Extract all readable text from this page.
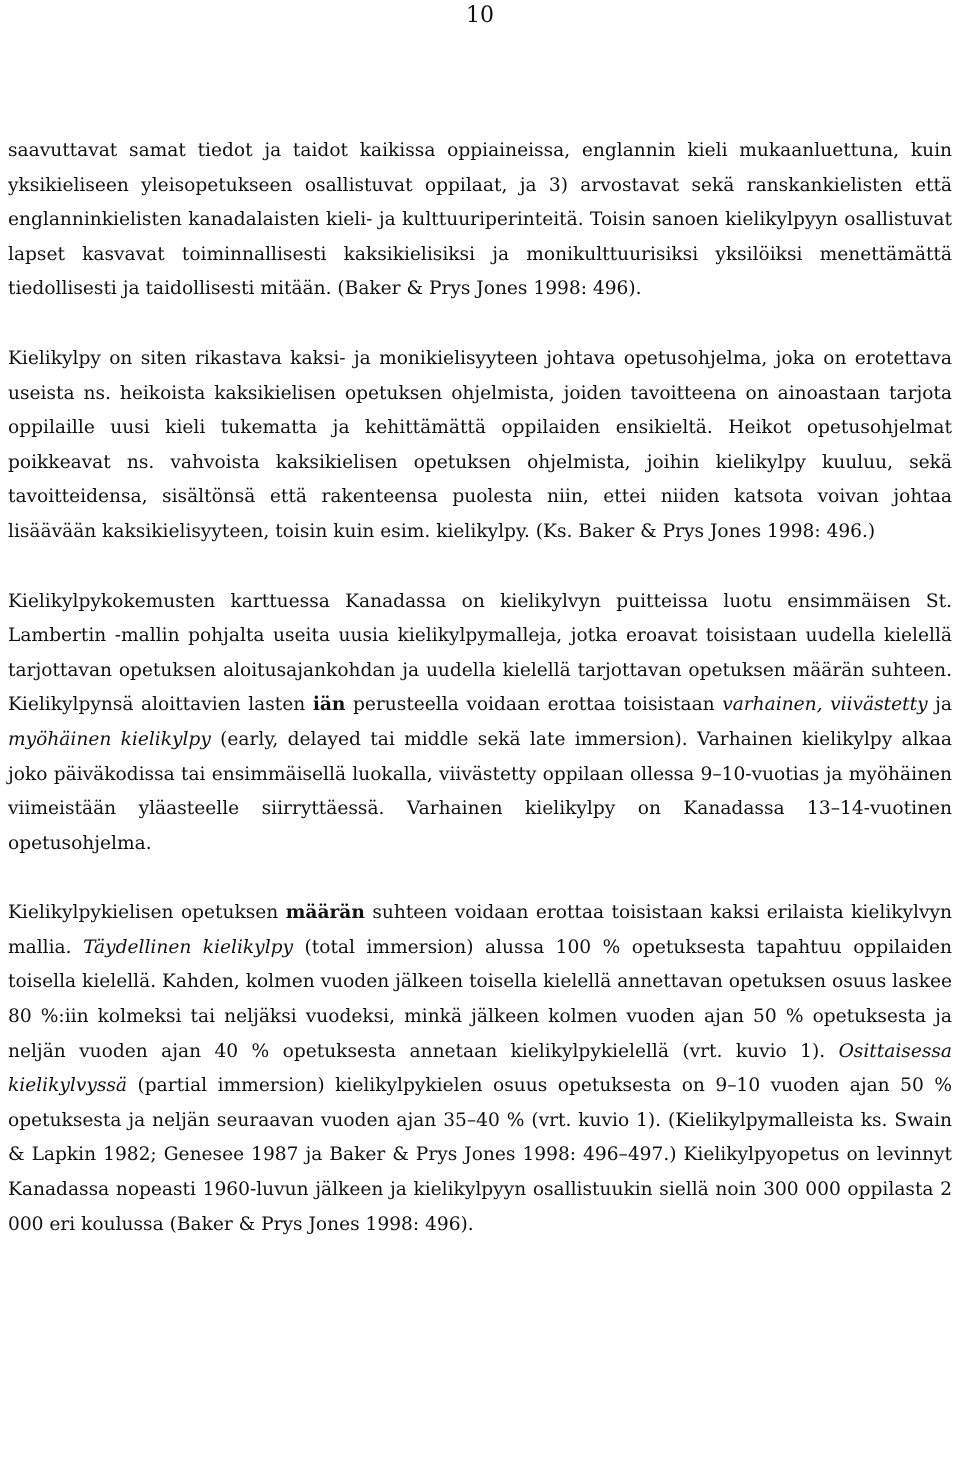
10

saavuttavat samat tiedot ja taidot kaikissa oppiaineissa, englannin kieli mukaanluettuna, kuin yksikieliseen yleisopetukseen osallistuvat oppilaat, ja 3) arvostavat sekä ranskankielisten että englanninkielisten kanadalaisten kieli- ja kulttuuriperinteitä. Toisin sanoen kielikylpyyn osallistuvat lapset kasvavat toiminnallisesti kaksikielisiksi ja monikulttuurisiksi yksilöiksi menettämättä tiedollisesti ja taidollisesti mitään. (Baker & Prys Jones 1998: 496).

Kielikylpy on siten rikastava kaksi- ja monikielisyyteen johtava opetusohjelma, joka on erotettava useista ns. heikoista kaksikielisen opetuksen ohjelmista, joiden tavoitteena on ainoastaan tarjota oppilaille uusi kieli tukematta ja kehittämättä oppilaiden ensikieltä. Heikot opetusohjelmat poikkeavat ns. vahvoista kaksikielisen opetuksen ohjelmista, joihin kielikylpy kuuluu, sekä tavoitteidensa, sisältönsä että rakenteensa puolesta niin, ettei niiden katsota voivan johtaa lisäävään kaksikielisyyteen, toisin kuin esim. kielikylpy. (Ks. Baker & Prys Jones 1998: 496.)

Kielikylpykokemusten karttuessa Kanadassa on kielikylvyn puitteissa luotu ensimmäisen St. Lambertin -mallin pohjalta useita uusia kielikylpymalleja, jotka eroavat toisistaan uudella kielellä tarjottavan opetuksen aloitusajankohdan ja uudella kielellä tarjottavan opetuksen määrän suhteen. Kielikylpynsä aloittavien lasten iän perusteella voidaan erottaa toisistaan varhainen, viivästetty ja myöhäinen kielikylpy (early, delayed tai middle sekä late immersion). Varhainen kielikylpy alkaa joko päiväkodissa tai ensimmäisellä luokalla, viivästetty oppilaan ollessa 9–10-vuotias ja myöhäinen viimeistään yläasteelle siirryttäessä. Varhainen kielikylpy on Kanadassa 13–14-vuotinen opetusohjelma.

Kielikylpykielisen opetuksen määrän suhteen voidaan erottaa toisistaan kaksi erilaista kielikylvyn mallia. Täydellinen kielikylpy (total immersion) alussa 100 % opetuksesta tapahtuu oppilaiden toisella kielellä. Kahden, kolmen vuoden jälkeen toisella kielellä annettavan opetuksen osuus laskee 80 %:iin kolmeksi tai neljäksi vuodeksi, minkä jälkeen kolmen vuoden ajan 50 % opetuksesta ja neljän vuoden ajan 40 % opetuksesta annetaan kielikylpykielellä (vrt. kuvio 1). Osittaisessa kielikylvyssä (partial immersion) kielikylpykielen osuus opetuksesta on 9–10 vuoden ajan 50 % opetuksesta ja neljän seuraavan vuoden ajan 35–40 % (vrt. kuvio 1). (Kielikylpymalleista ks. Swain & Lapkin 1982; Genesee 1987 ja Baker & Prys Jones 1998: 496–497.) Kielikylpyopetus on levinnyt Kanadassa nopeasti 1960-luvun jälkeen ja kielikylpyyn osallistuukin siellä noin 300 000 oppilasta 2 000 eri koulussa (Baker & Prys Jones 1998: 496).
